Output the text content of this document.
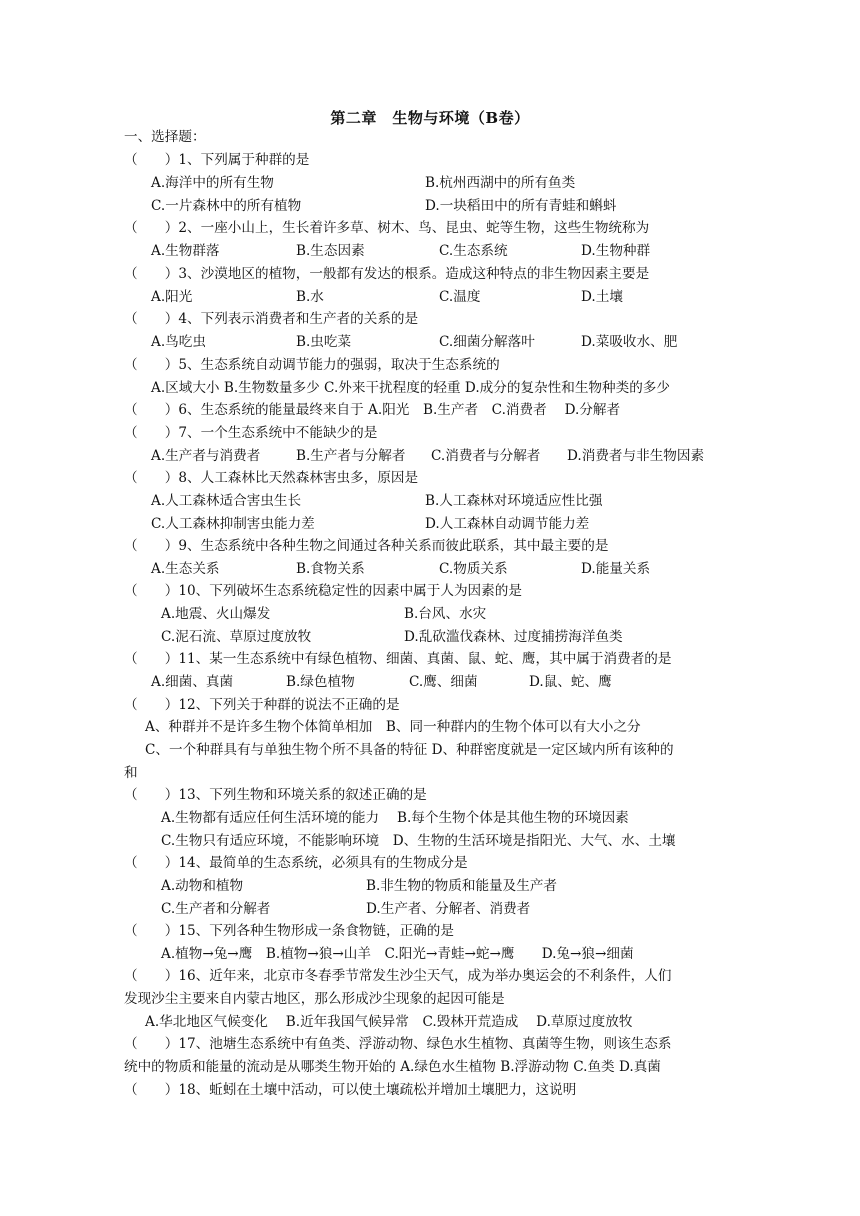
第二章　生物与环境（B卷）
一、选择题：
（　　）1、下列属于种群的是
A.海洋中的所有生物	B.杭州西湖中的所有鱼类
C.一片森林中的所有植物	D.一块稻田中的所有青蛙和蝌蚪
（　　）2、一座小山上，生长着许多草、树木、鸟、昆虫、蛇等生物，这些生物统称为
A.生物群落	B.生态因素	C.生态系统	D.生物种群
（　　）3、沙漠地区的植物，一般都有发达的根系。造成这种特点的非生物因素主要是
A.阳光	B.水	C.温度	D.土壤
（　　）4、下列表示消费者和生产者的关系的是
A.鸟吃虫	B.虫吃菜	C.细菌分解落叶	D.菜吸收水、肥
（　　）5、生态系统自动调节能力的强弱，取决于生态系统的
A.区域大小 B.生物数量多少 C.外来干扰程度的轻重 D.成分的复杂性和生物种类的多少
（　　）6、生态系统的能量最终来自于 A.阳光　B.生产者　C.消费者　 D.分解者
（　　）7、一个生态系统中不能缺少的是
A.生产者与消费者	B.生产者与分解者 C.消费者与分解者 D.消费者与非生物因素
（　　）8、人工森林比天然森林害虫多，原因是
A.人工森林适合害虫生长	B.人工森林对环境适应性比强
C.人工森林抑制害虫能力差	D.人工森林自动调节能力差
（　　）9、生态系统中各种生物之间通过各种关系而彼此联系，其中最主要的是
A.生态关系	B.食物关系	C.物质关系	D.能量关系
（　　）10、下列破坏生态系统稳定性的因素中属于人为因素的是
A.地震、火山爆发	B.台风、水灾
C.泥石流、草原过度放牧	D.乱砍滥伐森林、过度捕捞海洋鱼类
（　　）11、某一生态系统中有绿色植物、细菌、真菌、鼠、蛇、鹰，其中属于消费者的是
A.细菌、真菌	B.绿色植物	C.鹰、细菌	D.鼠、蛇、鹰
（　　）12、下列关于种群的说法不正确的是
A、种群并不是许多生物个体简单相加　B、同一种群内的生物个体可以有大小之分
C、一个种群具有与单独生物个所不具备的特征 D、种群密度就是一定区域内所有该种的
和
（　　）13、下列生物和环境关系的叙述正确的是
A.生物都有适应任何生活环境的能力　 B.每个生物个体是其他生物的环境因素
C.生物只有适应环境，不能影响环境　D、生物的生活环境是指阳光、大气、水、土壤
（　　）14、最简单的生态系统，必须具有的生物成分是
A.动物和植物	B.非生物的物质和能量及生产者
C.生产者和分解者	D.生产者、分解者、消费者
（　　）15、下列各种生物形成一条食物链，正确的是
A.植物→兔→鹰　B.植物→狼→山羊　C.阳光→青蛙→蛇→鹰　　D.兔→狼→细菌
（　　）16、近年来，北京市冬春季节常发生沙尘天气，成为举办奥运会的不利条件，人们
发现沙尘主要来自内蒙古地区，那么形成沙尘现象的起因可能是
A.华北地区气候变化　 B.近年我国气候异常　C.毁林开荒造成　 D.草原过度放牧
（　　）17、池塘生态系统中有鱼类、浮游动物、绿色水生植物、真菌等生物，则该生态系
统中的物质和能量的流动是从哪类生物开始的 A.绿色水生植物 B.浮游动物 C.鱼类 D.真菌
（　　）18、蚯蚓在土壤中活动，可以使土壤疏松并增加土壤肥力，这说明
